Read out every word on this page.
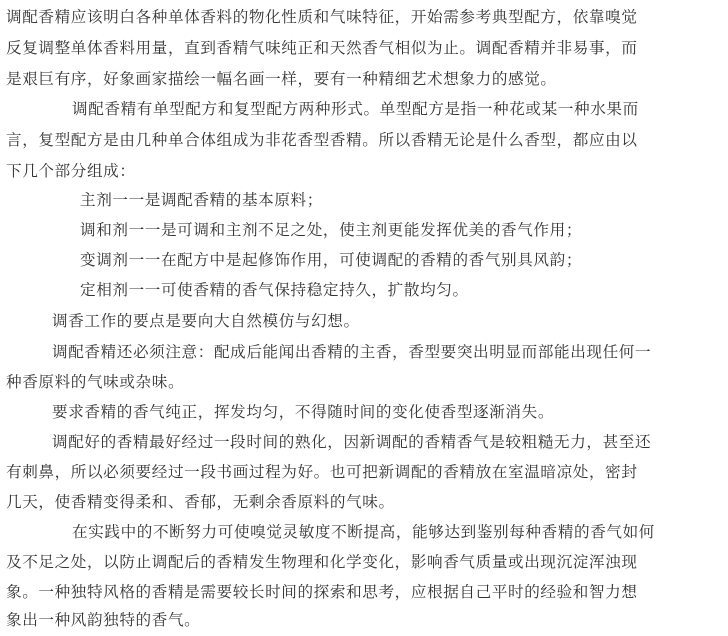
调配香精应该明白各种单体香料的物化性质和气味特征，开始需参考典型配方，依靠嗅觉
反复调整单体香料用量，直到香精气味纯正和天然香气相似为止。调配香精并非易事，而
是艰巨有序，好象画家描绘一幅名画一样，要有一种精细艺术想象力的感觉。
调配香精有单型配方和复型配方两种形式。单型配方是指一种花或某一种水果而
言，复型配方是由几种单合体组成为非花香型香精。所以香精无论是什么香型，都应由以
下几个部分组成：
主剂一一是调配香精的基本原料；
调和剂一一是可调和主剂不足之处，使主剂更能发挥优美的香气作用；
变调剂一一在配方中是起修饰作用，可使调配的香精的香气别具风韵；
定相剂一一可使香精的香气保持稳定持久，扩散均匀。
调香工作的要点是要向大自然模仿与幻想。
调配香精还必须注意：配成后能闻出香精的主香，香型要突出明显而部能出现任何一
种香原料的气味或杂味。
要求香精的香气纯正，挥发均匀，不得随时间的变化使香型逐渐消失。
调配好的香精最好经过一段时间的熟化，因新调配的香精香气是较粗糙无力，甚至还
有刺鼻，所以必须要经过一段书画过程为好。也可把新调配的香精放在室温暗凉处，密封
几天，使香精变得柔和、香郁，无剩余香原料的气味。
在实践中的不断努力可使嗅觉灵敏度不断提高，能够达到鉴别每种香精的香气如何
及不足之处，以防止调配后的香精发生物理和化学变化，影响香气质量或出现沉淀浑浊现
象。一种独特风格的香精是需要较长时间的探索和思考，应根据自己平时的经验和智力想
象出一种风韵独特的香气。
